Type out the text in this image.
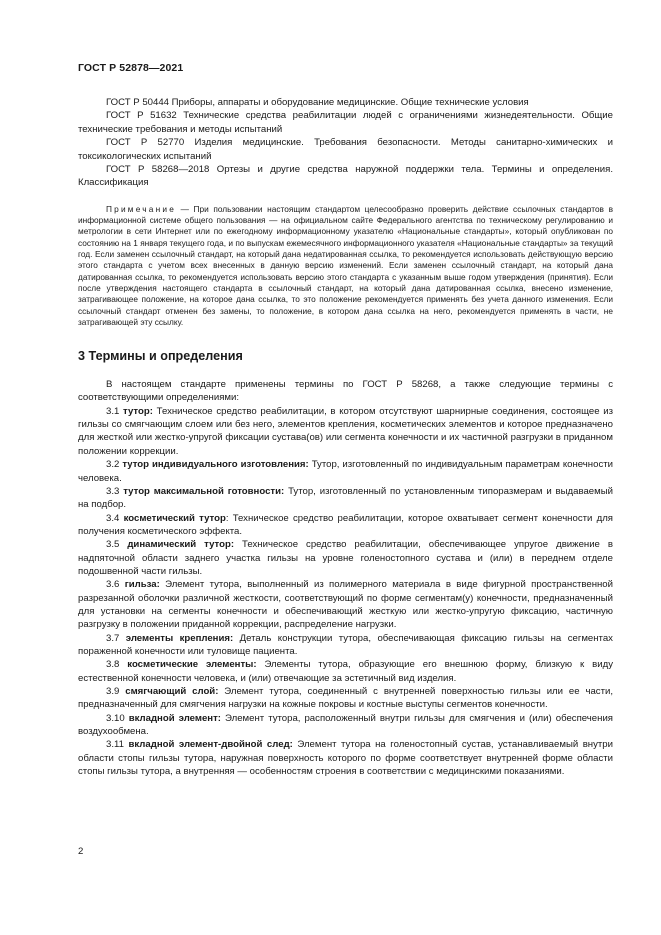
ГОСТ Р 52878—2021

ГОСТ Р 50444 Приборы, аппараты и оборудование медицинские. Общие технические условия

ГОСТ Р 51632 Технические средства реабилитации людей с ограничениями жизнедеятельности. Общие технические требования и методы испытаний

ГОСТ Р 52770 Изделия медицинские. Требования безопасности. Методы санитарно-химических и токсикологических испытаний

ГОСТ Р 58268—2018 Ортезы и другие средства наружной поддержки тела. Термины и определения. Классификация

Примечание — При пользовании настоящим стандартом целесообразно проверить действие ссылочных стандартов в информационной системе общего пользования — на официальном сайте Федерального агентства по техническому регулированию и метрологии в сети Интернет или по ежегодному информационному указателю «Национальные стандарты», который опубликован по состоянию на 1 января текущего года, и по выпускам ежемесячного информационного указателя «Национальные стандарты» за текущий год. Если заменен ссылочный стандарт, на который дана недатированная ссылка, то рекомендуется использовать действующую версию этого стандарта с учетом всех внесенных в данную версию изменений. Если заменен ссылочный стандарт, на который дана датированная ссылка, то рекомендуется использовать версию этого стандарта с указанным выше годом утверждения (принятия). Если после утверждения настоящего стандарта в ссылочный стандарт, на который дана датированная ссылка, внесено изменение, затрагивающее положение, на которое дана ссылка, то это положение рекомендуется применять без учета данного изменения. Если ссылочный стандарт отменен без замены, то положение, в котором дана ссылка на него, рекомендуется применять в части, не затрагивающей эту ссылку.
3 Термины и определения

В настоящем стандарте применены термины по ГОСТ Р 58268, а также следующие термины с соответствующими определениями:

3.1 тутор: Техническое средство реабилитации, в котором отсутствуют шарнирные соединения, состоящее из гильзы со смягчающим слоем или без него, элементов крепления, косметических элементов и которое предназначено для жесткой или жестко-упругой фиксации сустава(ов) или сегмента конечности и их частичной разгрузки в приданном положении коррекции.

3.2 тутор индивидуального изготовления: Тутор, изготовленный по индивидуальным параметрам конечности человека.

3.3 тутор максимальной готовности: Тутор, изготовленный по установленным типоразмерам и выдаваемый на подбор.

3.4 косметический тутор: Техническое средство реабилитации, которое охватывает сегмент конечности для получения косметического эффекта.

3.5 динамический тутор: Техническое средство реабилитации, обеспечивающее упругое движение в надпяточной области заднего участка гильзы на уровне голеностопного сустава и (или) в переднем отделе подошвенной части гильзы.

3.6 гильза: Элемент тутора, выполненный из полимерного материала в виде фигурной пространственной разрезанной оболочки различной жесткости, соответствующий по форме сегментам(у) конечности, предназначенный для установки на сегменты конечности и обеспечивающий жесткую или жестко-упругую фиксацию, частичную разгрузку в положении приданной коррекции, распределение нагрузки.

3.7 элементы крепления: Деталь конструкции тутора, обеспечивающая фиксацию гильзы на сегментах пораженной конечности или туловище пациента.

3.8 косметические элементы: Элементы тутора, образующие его внешнюю форму, близкую к виду естественной конечности человека, и (или) отвечающие за эстетичный вид изделия.

3.9 смягчающий слой: Элемент тутора, соединенный с внутренней поверхностью гильзы или ее части, предназначенный для смягчения нагрузки на кожные покровы и костные выступы сегментов конечности.

3.10 вкладной элемент: Элемент тутора, расположенный внутри гильзы для смягчения и (или) обеспечения воздухообмена.

3.11 вкладной элемент-двойной след: Элемент тутора на голеностопный сустав, устанавливаемый внутри области стопы гильзы тутора, наружная поверхность которого по форме соответствует внутренней форме области стопы гильзы тутора, а внутренняя — особенностям строения в соответствии с медицинскими показаниями.

2
